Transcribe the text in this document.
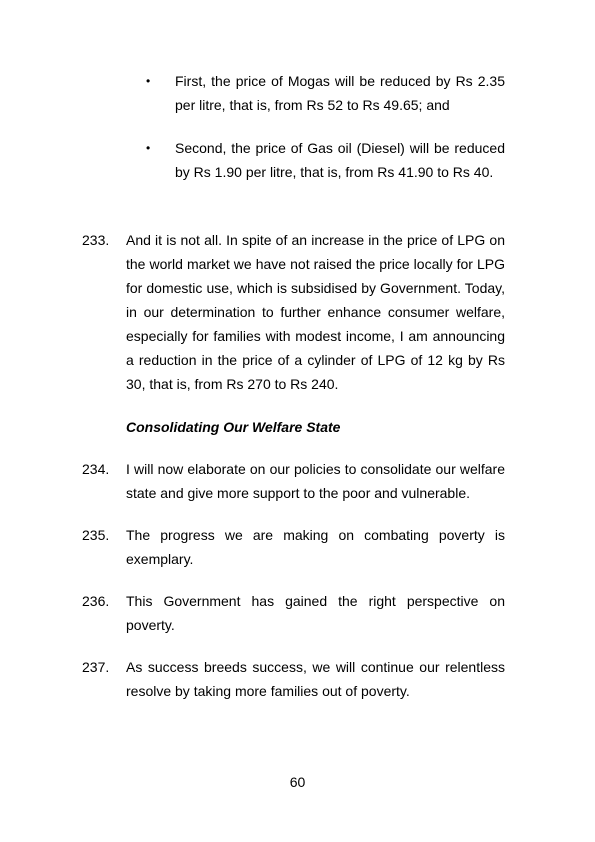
• First, the price of Mogas will be reduced by Rs 2.35 per litre, that is, from Rs 52 to Rs 49.65; and
• Second, the price of Gas oil (Diesel) will be reduced by Rs 1.90 per litre, that is, from Rs 41.90 to Rs 40.
233. And it is not all. In spite of an increase in the price of LPG on the world market we have not raised the price locally for LPG for domestic use, which is subsidised by Government. Today, in our determination to further enhance consumer welfare, especially for families with modest income, I am announcing a reduction in the price of a cylinder of LPG of 12 kg by Rs 30, that is, from Rs 270 to Rs 240.
Consolidating Our Welfare State
234. I will now elaborate on our policies to consolidate our welfare state and give more support to the poor and vulnerable.
235. The progress we are making on combating poverty is exemplary.
236. This Government has gained the right perspective on poverty.
237. As success breeds success, we will continue our relentless resolve by taking more families out of poverty.
60
